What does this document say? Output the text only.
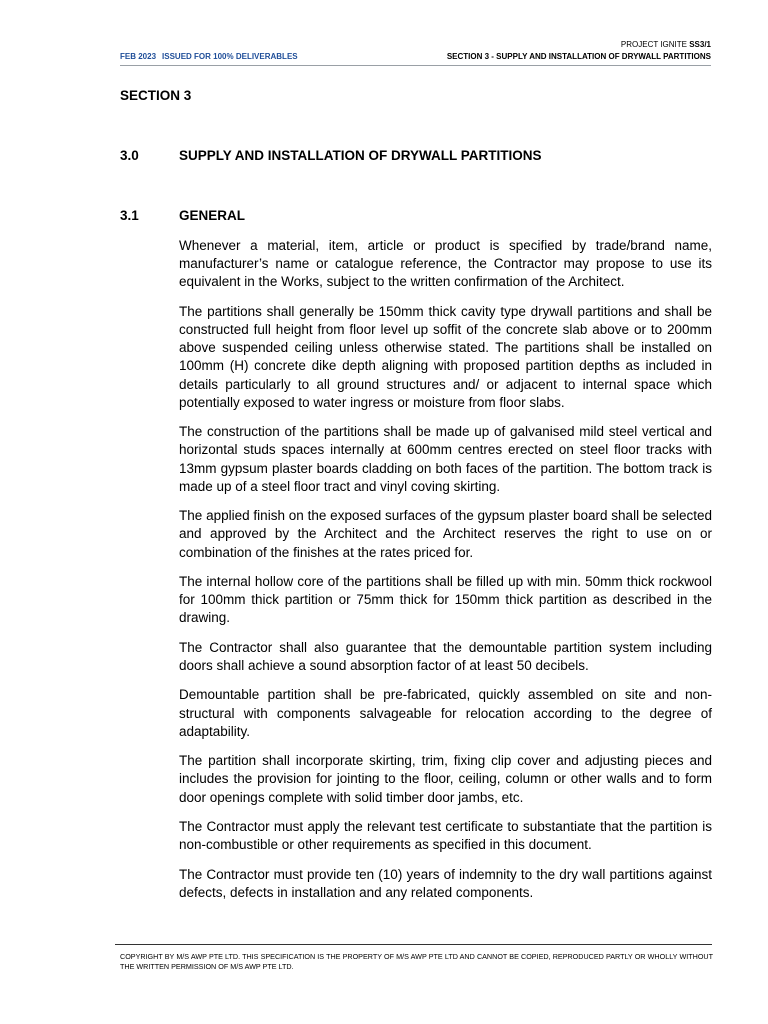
PROJECT IGNITE SS3/1
FEB 2023 ISSUED FOR 100% DELIVERABLES	SECTION 3 - SUPPLY AND INSTALLATION OF DRYWALL PARTITIONS
SECTION 3
3.0	SUPPLY AND INSTALLATION OF DRYWALL PARTITIONS
3.1	GENERAL

Whenever a material, item, article or product is specified by trade/brand name, manufacturer’s name or catalogue reference, the Contractor may propose to use its equivalent in the Works, subject to the written confirmation of the Architect.

The partitions shall generally be 150mm thick cavity type drywall partitions and shall be constructed full height from floor level up soffit of the concrete slab above or to 200mm above suspended ceiling unless otherwise stated. The partitions shall be installed on 100mm (H) concrete dike depth aligning with proposed partition depths as included in details particularly to all ground structures and/ or adjacent to internal space which potentially exposed to water ingress or moisture from floor slabs.

The construction of the partitions shall be made up of galvanised mild steel vertical and horizontal studs spaces internally at 600mm centres erected on steel floor tracks with 13mm gypsum plaster boards cladding on both faces of the partition. The bottom track is made up of a steel floor tract and vinyl coving skirting.

The applied finish on the exposed surfaces of the gypsum plaster board shall be selected and approved by the Architect and the Architect reserves the right to use on or combination of the finishes at the rates priced for.

The internal hollow core of the partitions shall be filled up with min. 50mm thick rockwool for 100mm thick partition or 75mm thick for 150mm thick partition as described in the drawing.

The Contractor shall also guarantee that the demountable partition system including doors shall achieve a sound absorption factor of at least 50 decibels.

Demountable partition shall be pre-fabricated, quickly assembled on site and non-structural with components salvageable for relocation according to the degree of adaptability.

The partition shall incorporate skirting, trim, fixing clip cover and adjusting pieces and includes the provision for jointing to the floor, ceiling, column or other walls and to form door openings complete with solid timber door jambs, etc.

The Contractor must apply the relevant test certificate to substantiate that the partition is non-combustible or other requirements as specified in this document.

The Contractor must provide ten (10) years of indemnity to the dry wall partitions against defects, defects in installation and any related components.

COPYRIGHT BY M/S AWP PTE LTD. THIS SPECIFICATION IS THE PROPERTY OF M/S AWP PTE LTD AND CANNOT BE COPIED, REPRODUCED PARTLY OR WHOLLY WITHOUT THE WRITTEN PERMISSION OF M/S AWP PTE LTD.
